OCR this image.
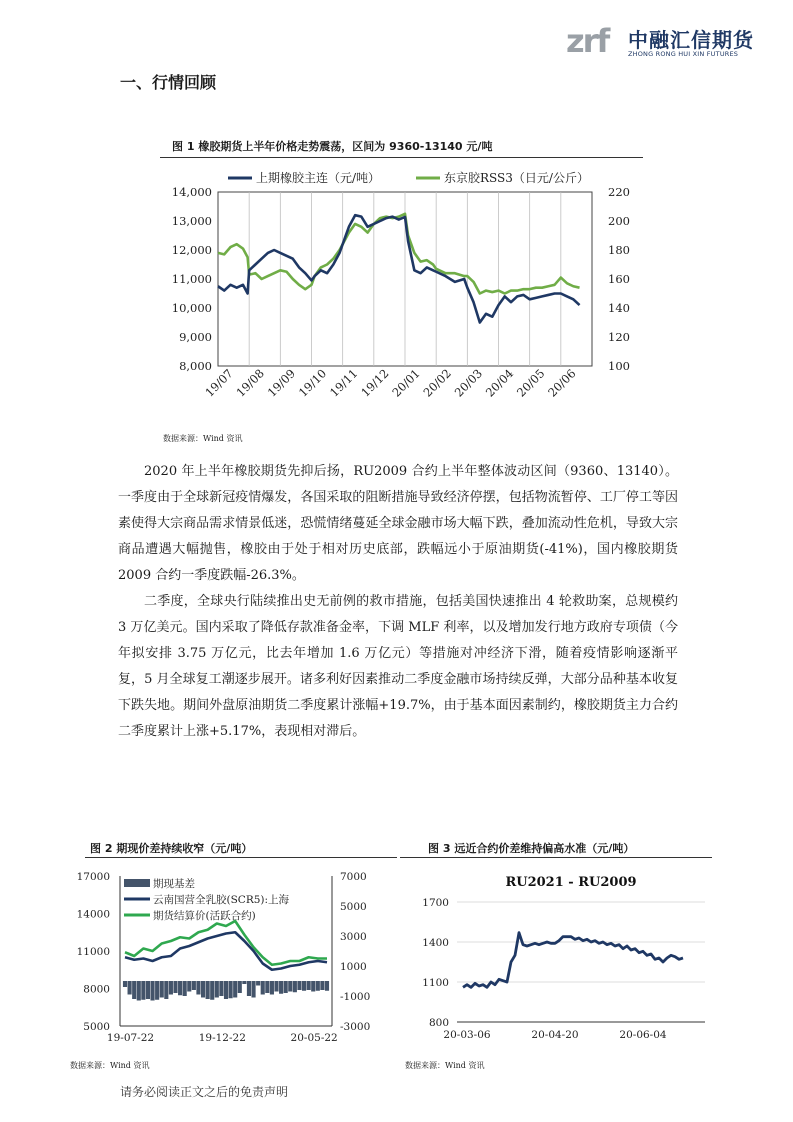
zrf 中融汇信期货
ZHONG RONG HUI XIN FUTURES
一、行情回顾
图 1 橡胶期货上半年价格走势震荡，区间为 9360-13140 元/吨
8,000
9,000
10,000
11,000
12,000
13,000
14,000
100
120
140
160
180
200
220
19/07
19/08
19/09
19/10
19/11
19/12
20/01
20/02
20/03
20/04
20/05
20/06
上期橡胶主连（元/吨）	东京胶RSS3（日元/公斤）
数据来源：Wind 资讯

2020 年上半年橡胶期货先抑后扬，RU2009 合约上半年整体波动区间（9360、13140）。一季度由于全球新冠疫情爆发，各国采取的阻断措施导致经济停摆，包括物流暂停、工厂停工等因素使得大宗商品需求情景低迷，恐慌情绪蔓延全球金融市场大幅下跌，叠加流动性危机，导致大宗商品遭遇大幅抛售，橡胶由于处于相对历史底部，跌幅远小于原油期货(-41%)，国内橡胶期货 2009 合约一季度跌幅-26.3%。

二季度，全球央行陆续推出史无前例的救市措施，包括美国快速推出 4 轮救助案，总规模约 3 万亿美元。国内采取了降低存款准备金率，下调 MLF 利率，以及增加发行地方政府专项债（今年拟安排 3.75 万亿元，比去年增加 1.6 万亿元）等措施对冲经济下滑，随着疫情影响逐渐平复，5 月全球复工潮逐步展开。诸多利好因素推动二季度金融市场持续反弹，大部分品种基本收复下跌失地。期间外盘原油期货二季度累计涨幅+19.7%，由于基本面因素制约，橡胶期货主力合约二季度累计上涨+5.17%，表现相对滞后。

图 2 期现价差持续收窄（元/吨）
5000
8000
11000
14000
17000
-3000
-1000
1000
3000
5000
7000
19-07-22	19-12-22	20-05-22
期现基差
云南国营全乳胶(SCR5):上海
期货结算价(活跃合约)
数据来源：Wind 资讯
图 3 远近合约价差维持偏高水准（元/吨）
RU2021 - RU2009
800
1100
1400
1700
20-03-06	20-04-20	20-06-04
数据来源：Wind 资讯
请务必阅读正文之后的免责声明
